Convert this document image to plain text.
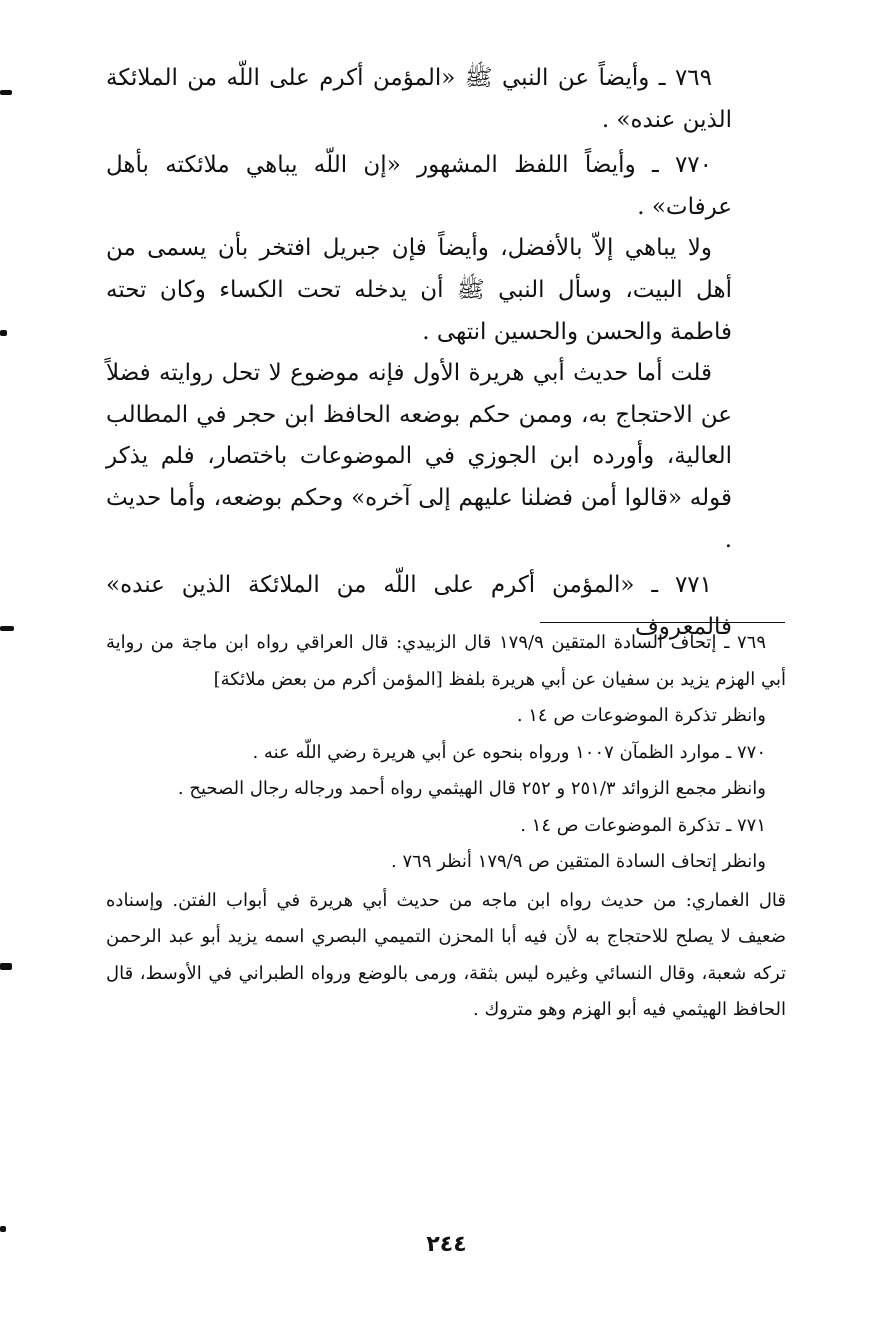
٧٦٩ ـ وأيضاً عن النبي ﷺ «المؤمن أكرم على اللّه من الملائكة الذين عنده» .

٧٧٠ ـ وأيضاً اللفظ المشهور «إن اللّه يباهي ملائكته بأهل عرفات» .

ولا يباهي إلاّ بالأفضل، وأيضاً فإن جبريل افتخر بأن يسمى من أهل البيت، وسأل النبي ﷺ أن يدخله تحت الكساء وكان تحته فاطمة والحسن والحسين انتهى .

قلت أما حديث أبي هريرة الأول فإنه موضوع لا تحل روايته فضلاً عن الاحتجاج به، وممن حكم بوضعه الحافظ ابن حجر في المطالب العالية، وأورده ابن الجوزي في الموضوعات باختصار، فلم يذكر قوله «قالوا أمن فضلنا عليهم إلى آخره» وحكم بوضعه، وأما حديث .

٧٧١ ـ «المؤمن أكرم على اللّه من الملائكة الذين عنده» فالمعروف

٧٦٩ ـ إتحاف السادة المتقين ١٧٩/٩ قال الزبيدي: قال العراقي رواه ابن ماجة من رواية أبي الهزم يزيد بن سفيان عن أبي هريرة بلفظ [المؤمن أكرم من بعض ملائكة]

وانظر تذكرة الموضوعات ص ١٤ .

٧٧٠ ـ موارد الظمآن ١٠٠٧ ورواه بنحوه عن أبي هريرة رضي اللّه عنه .

وانظر مجمع الزوائد ٢٥١/٣ و ٢٥٢ قال الهيثمي رواه أحمد ورجاله رجال الصحيح .

٧٧١ ـ تذكرة الموضوعات ص ١٤ .

وانظر إتحاف السادة المتقين ص ١٧٩/٩ أنظر ٧٦٩ .

قال الغماري: من حديث رواه ابن ماجه من حديث أبي هريرة في أبواب الفتن. وإسناده ضعيف لا يصلح للاحتجاج به لأن فيه أبا المحزن التميمي البصري اسمه يزيد أبو عبد الرحمن تركه شعبة، وقال النسائي وغيره ليس بثقة، ورمى بالوضع ورواه الطبراني في الأوسط، قال الحافظ الهيثمي فيه أبو الهزم وهو متروك .

٢٤٤
